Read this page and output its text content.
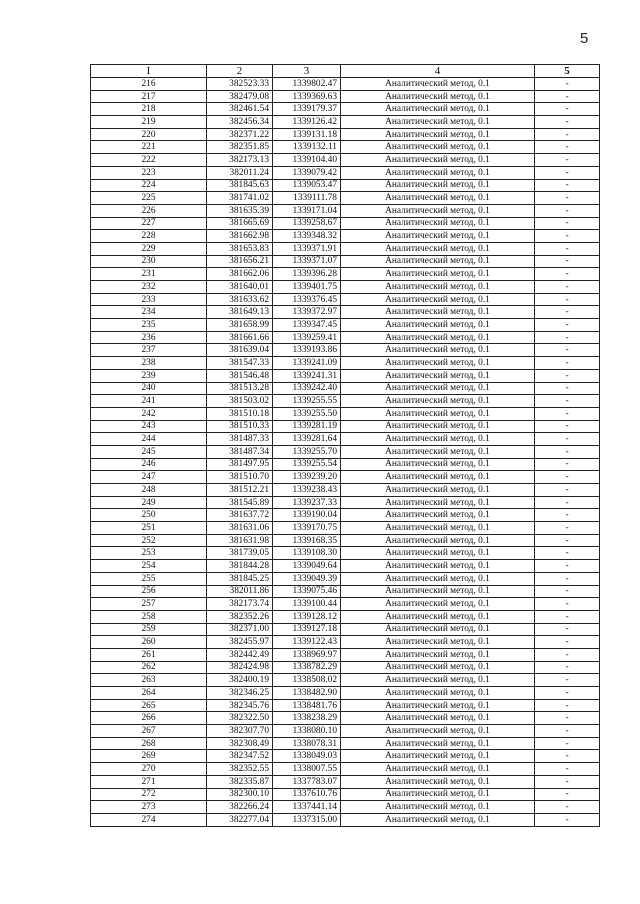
5
I	2	3	4	5
216	382523.33	1339802.47	Аналитический метод, 0.1	-
217	382479.08	1339369.63	Аналитический метод, 0.1	-
218	382461.54	1339179.37	Аналитический метод, 0.1	-
219	382456.34	1339126.42	Аналитический метод, 0.1	-
220	382371.22	1339131.18	Аналитический метод, 0.1	-
221	382351.85	1339132.11	Аналитический метод, 0.1	-
222	382173.13	1339104.40	Аналитический метод, 0.1	-
223	382011.24	1339079.42	Аналитический метод, 0.1	-
224	381845.63	1339053.47	Аналитический метод, 0.1	-
225	381741.02	1339111.78	Аналитический метод, 0.1	-
226	381635.39	1339171.04	Аналитический метод, 0.1	-
227	381665.69	1339258.67	Аналитический метод, 0.1	-
228	381662.98	1339348.32	Аналитический метод, 0.1	-
229	381653.83	1339371.91	Аналитический метод, 0.1	-
230	381656.21	1339371.07	Аналитический метод, 0.1	-
231	381662.06	1339396.28	Аналитический метод, 0.1	-
232	381640.01	1339401.75	Аналитический метод, 0.1	-
233	381633.62	1339376.45	Аналитический метод, 0.1	-
234	381649.13	1339372.97	Аналитический метод, 0.1	-
235	381658.99	1339347.45	Аналитический метод, 0.1	-
236	381661.66	1339259.41	Аналитический метод, 0.1	-
237	381639.04	1339193.86	Аналитический метод, 0.1	-
238	381547.33	1339241.09	Аналитический метод, 0.1	-
239	381546.48	1339241.31	Аналитический метод, 0.1	-
240	381513.28	1339242.40	Аналитический метод, 0.1	-
241	381503.02	1339255.55	Аналитический метод, 0.1	-
242	381510.18	1339255.50	Аналитический метод, 0.1	-
243	381510.33	1339281.19	Аналитический метод, 0.1	-
244	381487.33	1339281.64	Аналитический метод, 0.1	-
245	381487.34	1339255.70	Аналитический метод, 0.1	-
246	381497.95	1339255.54	Аналитический метод, 0.1	-
247	381510.70	1339239.20	Аналитический метод, 0.1	-
248	381512.21	1339238.43	Аналитический метод, 0.1	-
249	381545.89	1339237.33	Аналитический метод, 0.1	-
250	381637.72	1339190.04	Аналитический метод, 0.1	-
251	381631.06	1339170.75	Аналитический метод, 0.1	-
252	381631.98	1339168.35	Аналитический метод, 0.1	-
253	381739.05	1339108.30	Аналитический метод, 0.1	-
254	381844.28	1339049.64	Аналитический метод, 0.1	-
255	381845.25	1339049.39	Аналитический метод, 0.1	-
256	382011.86	1339075.46	Аналитический метод, 0.1	-
257	382173.74	1339100.44	Аналитический метод, 0.1	-
258	382352.26	1339128.12	Аналитический метод, 0.1	-
259	382371.00	1339127.18	Аналитический метод, 0.1	-
260	382455.97	1339122.43	Аналитический метод, 0.1	-
261	382442.49	1338969.97	Аналитический метод, 0.1	-
262	382424.98	1338782.29	Аналитический метод, 0.1	-
263	382400.19	1338508.02	Аналитический метод, 0.1	-
264	382346.25	1338482.90	Аналитический метод, 0.1	-
265	382345.76	1338481.76	Аналитический метод, 0.1	-
266	382322.50	1338238.29	Аналитический метод, 0.1	-
267	382307.70	1338080.10	Аналитический метод, 0.1	-
268	382308.49	1338078.31	Аналитический метод, 0.1	-
269	382347.52	1338049.03	Аналитический метод, 0.1	-
270	382352.55	1338007.55	Аналитический метод, 0.1	-
271	382335.87	1337783.07	Аналитический метод, 0.1	-
272	382300.10	1337610.76	Аналитический метод, 0.1	-
273	382266.24	1337441.14	Аналитический метод, 0.1	-
274	382277.04	1337315.00	Аналитический метод, 0.1	-
